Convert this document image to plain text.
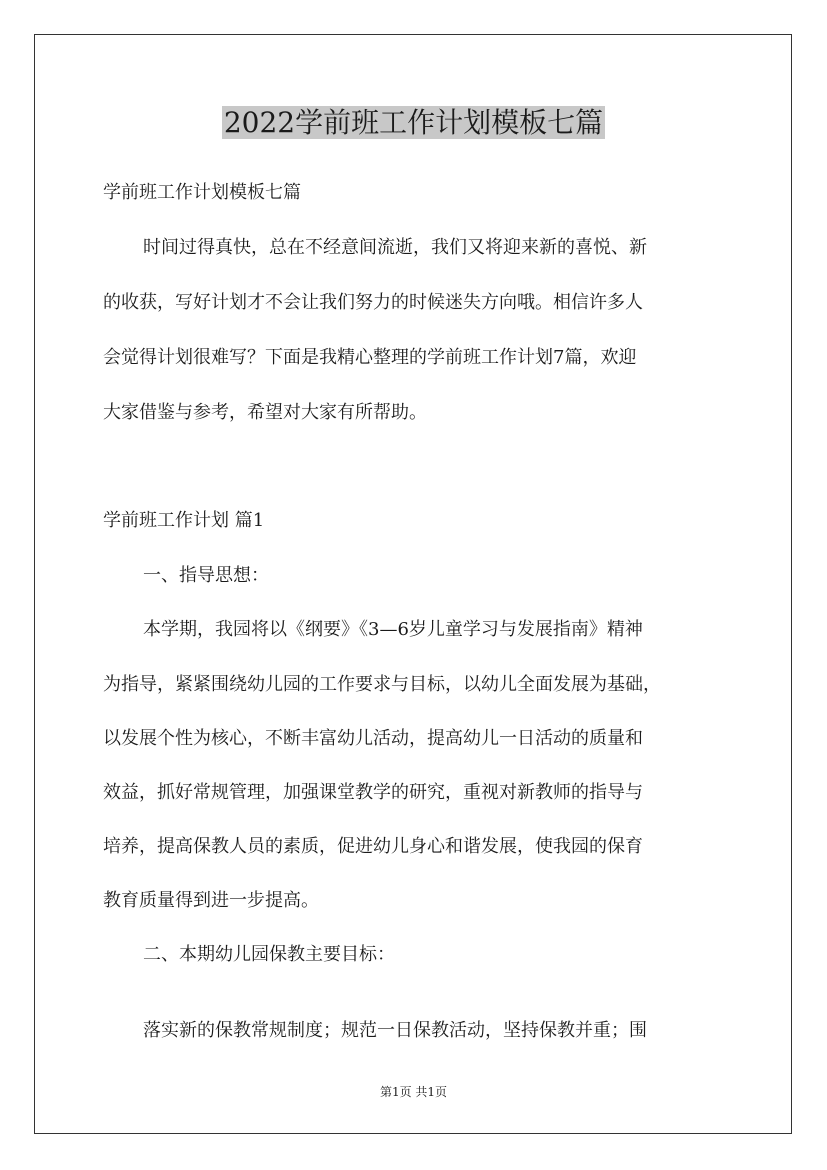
2022学前班工作计划模板七篇
学前班工作计划模板七篇
时间过得真快，总在不经意间流逝，我们又将迎来新的喜悦、新
的收获，写好计划才不会让我们努力的时候迷失方向哦。相信许多人
会觉得计划很难写？下面是我精心整理的学前班工作计划7篇，欢迎
大家借鉴与参考，希望对大家有所帮助。
学前班工作计划 篇1
一、指导思想：
本学期，我园将以《纲要》《3—6岁儿童学习与发展指南》精神
为指导，紧紧围绕幼儿园的工作要求与目标，以幼儿全面发展为基础，
以发展个性为核心，不断丰富幼儿活动，提高幼儿一日活动的质量和
效益，抓好常规管理，加强课堂教学的研究，重视对新教师的指导与
培养，提高保教人员的素质，促进幼儿身心和谐发展，使我园的保育
教育质量得到进一步提高。
二、本期幼儿园保教主要目标：
落实新的保教常规制度；规范一日保教活动，坚持保教并重；围
第1页 共1页
